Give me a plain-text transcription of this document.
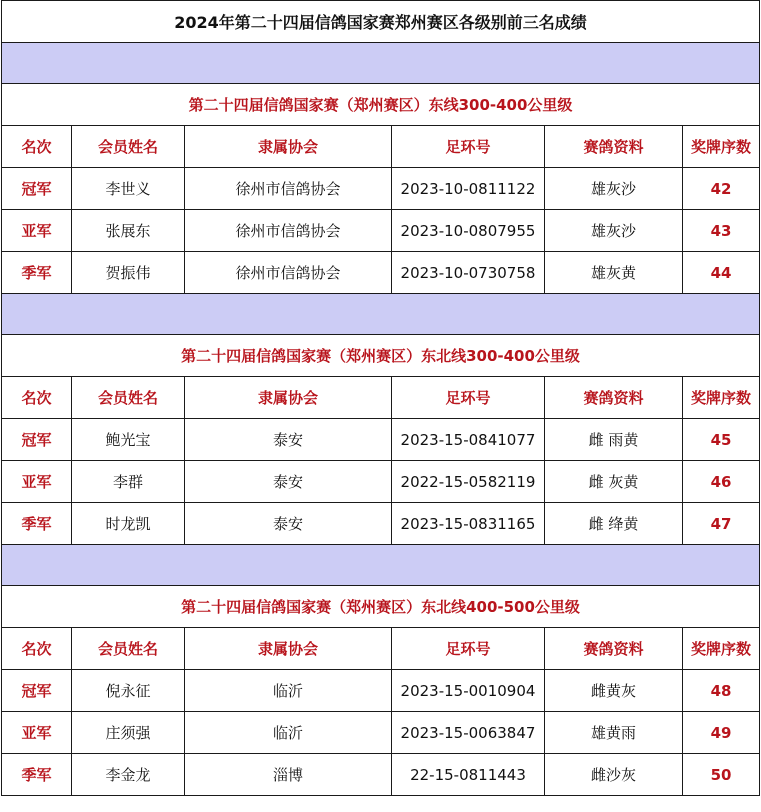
2024年第二十四届信鸽国家赛郑州赛区各级别前三名成绩					

第二十四届信鸽国家赛（郑州赛区）东线300-400公里级					
名次	会员姓名	隶属协会	足环号	赛鸽资料	奖牌序数
冠军	李世义	徐州市信鸽协会	2023-10-0811122	雄灰沙	42
亚军	张展东	徐州市信鸽协会	2023-10-0807955	雄灰沙	43
季军	贺振伟	徐州市信鸽协会	2023-10-0730758	雄灰黄	44

第二十四届信鸽国家赛（郑州赛区）东北线300-400公里级					
名次	会员姓名	隶属协会	足环号	赛鸽资料	奖牌序数
冠军	鲍光宝	泰安	2023-15-0841077	雌 雨黄	45
亚军	李群	泰安	2022-15-0582119	雌 灰黄	46
季军	时龙凯	泰安	2023-15-0831165	雌 绛黄	47

第二十四届信鸽国家赛（郑州赛区）东北线400-500公里级					
名次	会员姓名	隶属协会	足环号	赛鸽资料	奖牌序数
冠军	倪永征	临沂	2023-15-0010904	雌黄灰	48
亚军	庄须强	临沂	2023-15-0063847	雄黄雨	49
季军	李金龙	淄博	22-15-0811443	雌沙灰	50
